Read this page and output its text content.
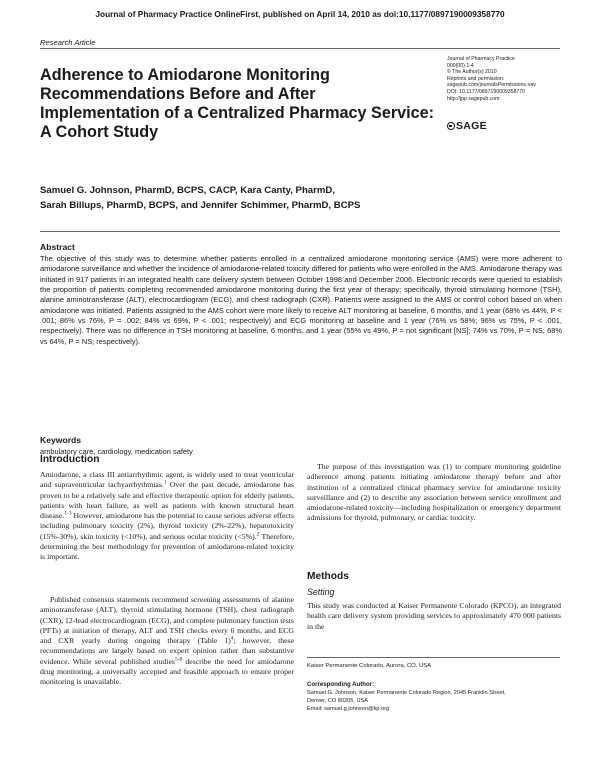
Journal of Pharmacy Practice OnlineFirst, published on April 14, 2010 as doi:10.1177/0897190009358770
Research Article
Adherence to Amiodarone Monitoring Recommendations Before and After Implementation of a Centralized Pharmacy Service: A Cohort Study
Journal of Pharmacy Practice
000(00) 1-4
© The Author(s) 2010
Reprints and permission:
sagepub.com/journalsPermissions.nav
DOI: 10.1177/0897190009358770
http://jpp.sagepub.com
SAGE
Samuel G. Johnson, PharmD, BCPS, CACP, Kara Canty, PharmD,
Sarah Billups, PharmD, BCPS, and Jennifer Schimmer, PharmD, BCPS
Abstract

The objective of this study was to determine whether patients enrolled in a centralized amiodarone monitoring service (AMS) were more adherent to amiodarone surveillance and whether the incidence of amiodarone-related toxicity differed for patients who were enrolled in the AMS. Amiodarone therapy was initiated in 917 patients in an integrated health care delivery system between October 1998 and December 2006. Electronic records were queried to establish the proportion of patients completing recommended amiodarone monitoring during the first year of therapy; specifically, thyroid stimulating hormone (TSH), alanine aminotransferase (ALT), electrocardiogram (ECG), and chest radiograph (CXR). Patients were assigned to the AMS or control cohort based on when amiodarone was initiated. Patients assigned to the AMS cohort were more likely to receive ALT monitoring at baseline, 6 months, and 1 year (68% vs 44%, P < .001; 86% vs 76%, P = .002; 84% vs 69%, P < .001; respectively) and ECG monitoring at baseline and 1 year (76% vs 58%; 96% vs 75%, P < .001, respectively). There was no difference in TSH monitoring at baseline, 6 months, and 1 year (55% vs 49%, P = not significant [NS]; 74% vs 70%, P = NS; 68% vs 64%, P = NS; respectively).

Keywords
ambulatory care, cardiology, medication safety
Introduction

Amiodarone, a class III antiarrhythmic agent, is widely used to treat ventricular and supraventricular tachyarrhythmias.$^1$ Over the past decade, amiodarone has proven to be a relatively safe and effective therapeutic option for elderly patients, patients with heart failure, as well as patients with known structural heart disease.$^{1-3}$ However, amiodarone has the potential to cause serious adverse effects including pulmonary toxicity (2%), thyroid toxicity (2%-22%), hepatotoxicity (15%-30%), skin toxicity (<10%), and serious ocular toxicity (<5%).$^2$ Therefore, determining the best methodology for prevention of amiodarone-related toxicity is important.

Published consensus statements recommend screening assessments of alanine aminotransferase (ALT), thyroid stimulating hormone (TSH), chest radiograph (CXR), 12-lead electrocardiogram (ECG), and complete pulmonary function tests (PFTs) at initiation of therapy, ALT and TSH checks every 6 months, and ECG and CXR yearly during ongoing therapy (Table 1)$^4$; however, these recommendations are largely based on expert opinion rather than substantive evidence. While several published studies$^{5-8}$ describe the need for amiodarone drug monitoring, a universally accepted and feasible approach to ensure proper monitoring is unavailable.

The purpose of this investigation was (1) to compare monitoring guideline adherence among patients initiating amiodarone therapy before and after institution of a centralized clinical pharmacy service for amiodarone toxicity surveillance and (2) to describe any association between service enrollment and amiodarone-related toxicity—including hospitalization or emergency department admissions for thyroid, pulmonary, or cardiac toxicity.

Methods
Setting

This study was conducted at Kaiser Permanente Colorado (KPCO), an integrated health care delivery system providing services to approximately 470 000 patients in the

Kaiser Permanente Colorado, Aurora, CO, USA
Corresponding Author:
Samuel G. Johnson, Kaiser Permanente Colorado Region, 2045 Franklin Street,
Denver, CO 80205, USA
Email: samuel.g.johnson@kp.org
